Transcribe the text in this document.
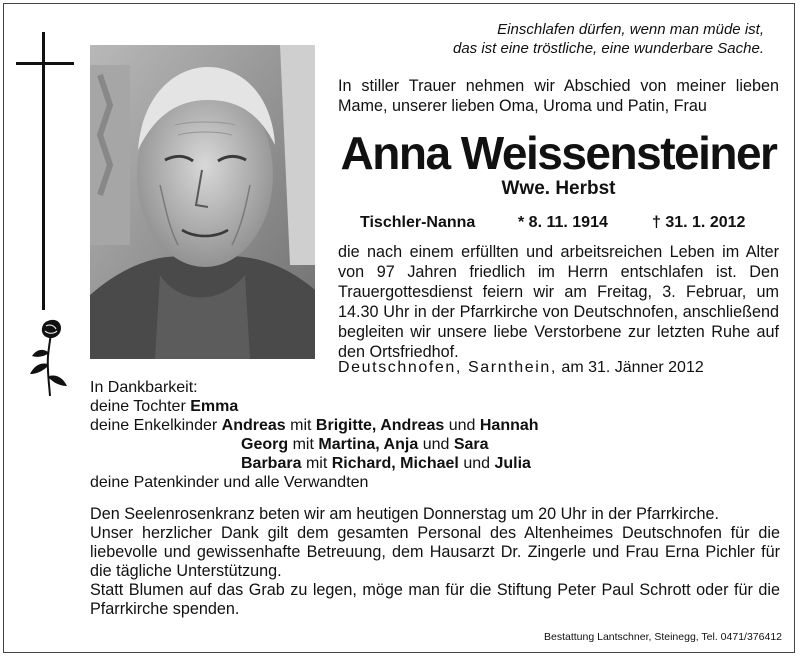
Einschlafen dürfen, wenn man müde ist,
das ist eine tröstliche, eine wunderbare Sache.

In stiller Trauer nehmen wir Abschied von meiner lieben Mame, unserer lieben Oma, Uroma und Patin, Frau

Anna Weissensteiner
Wwe. Herbst
Tischler-Nanna	* 8. 11. 1914	† 31. 1. 2012

die nach einem erfüllten und arbeitsreichen Leben im Alter von 97 Jahren friedlich im Herrn entschlafen ist. Den Trauergottesdienst feiern wir am Freitag, 3. Februar, um 14.30 Uhr in der Pfarrkirche von Deutschnofen, anschließend begleiten wir unsere liebe Verstorbene zur letzten Ruhe auf den Ortsfriedhof.

Deutschnofen, Sarnthein, am 31. Jänner 2012
In Dankbarkeit:
deine Tochter Emma
deine Enkelkinder Andreas mit Brigitte, Andreas und Hannah
Georg mit Martina, Anja und Sara
Barbara mit Richard, Michael und Julia
deine Patenkinder und alle Verwandten

Den Seelenrosenkranz beten wir am heutigen Donnerstag um 20 Uhr in der Pfarrkirche.

Unser herzlicher Dank gilt dem gesamten Personal des Altenheimes Deutschnofen für die liebevolle und gewissenhafte Betreuung, dem Hausarzt Dr. Zingerle und Frau Erna Pichler für die tägliche Unterstützung.

Statt Blumen auf das Grab zu legen, möge man für die Stiftung Peter Paul Schrott oder für die Pfarrkirche spenden.

Bestattung Lantschner, Steinegg, Tel. 0471/376412
